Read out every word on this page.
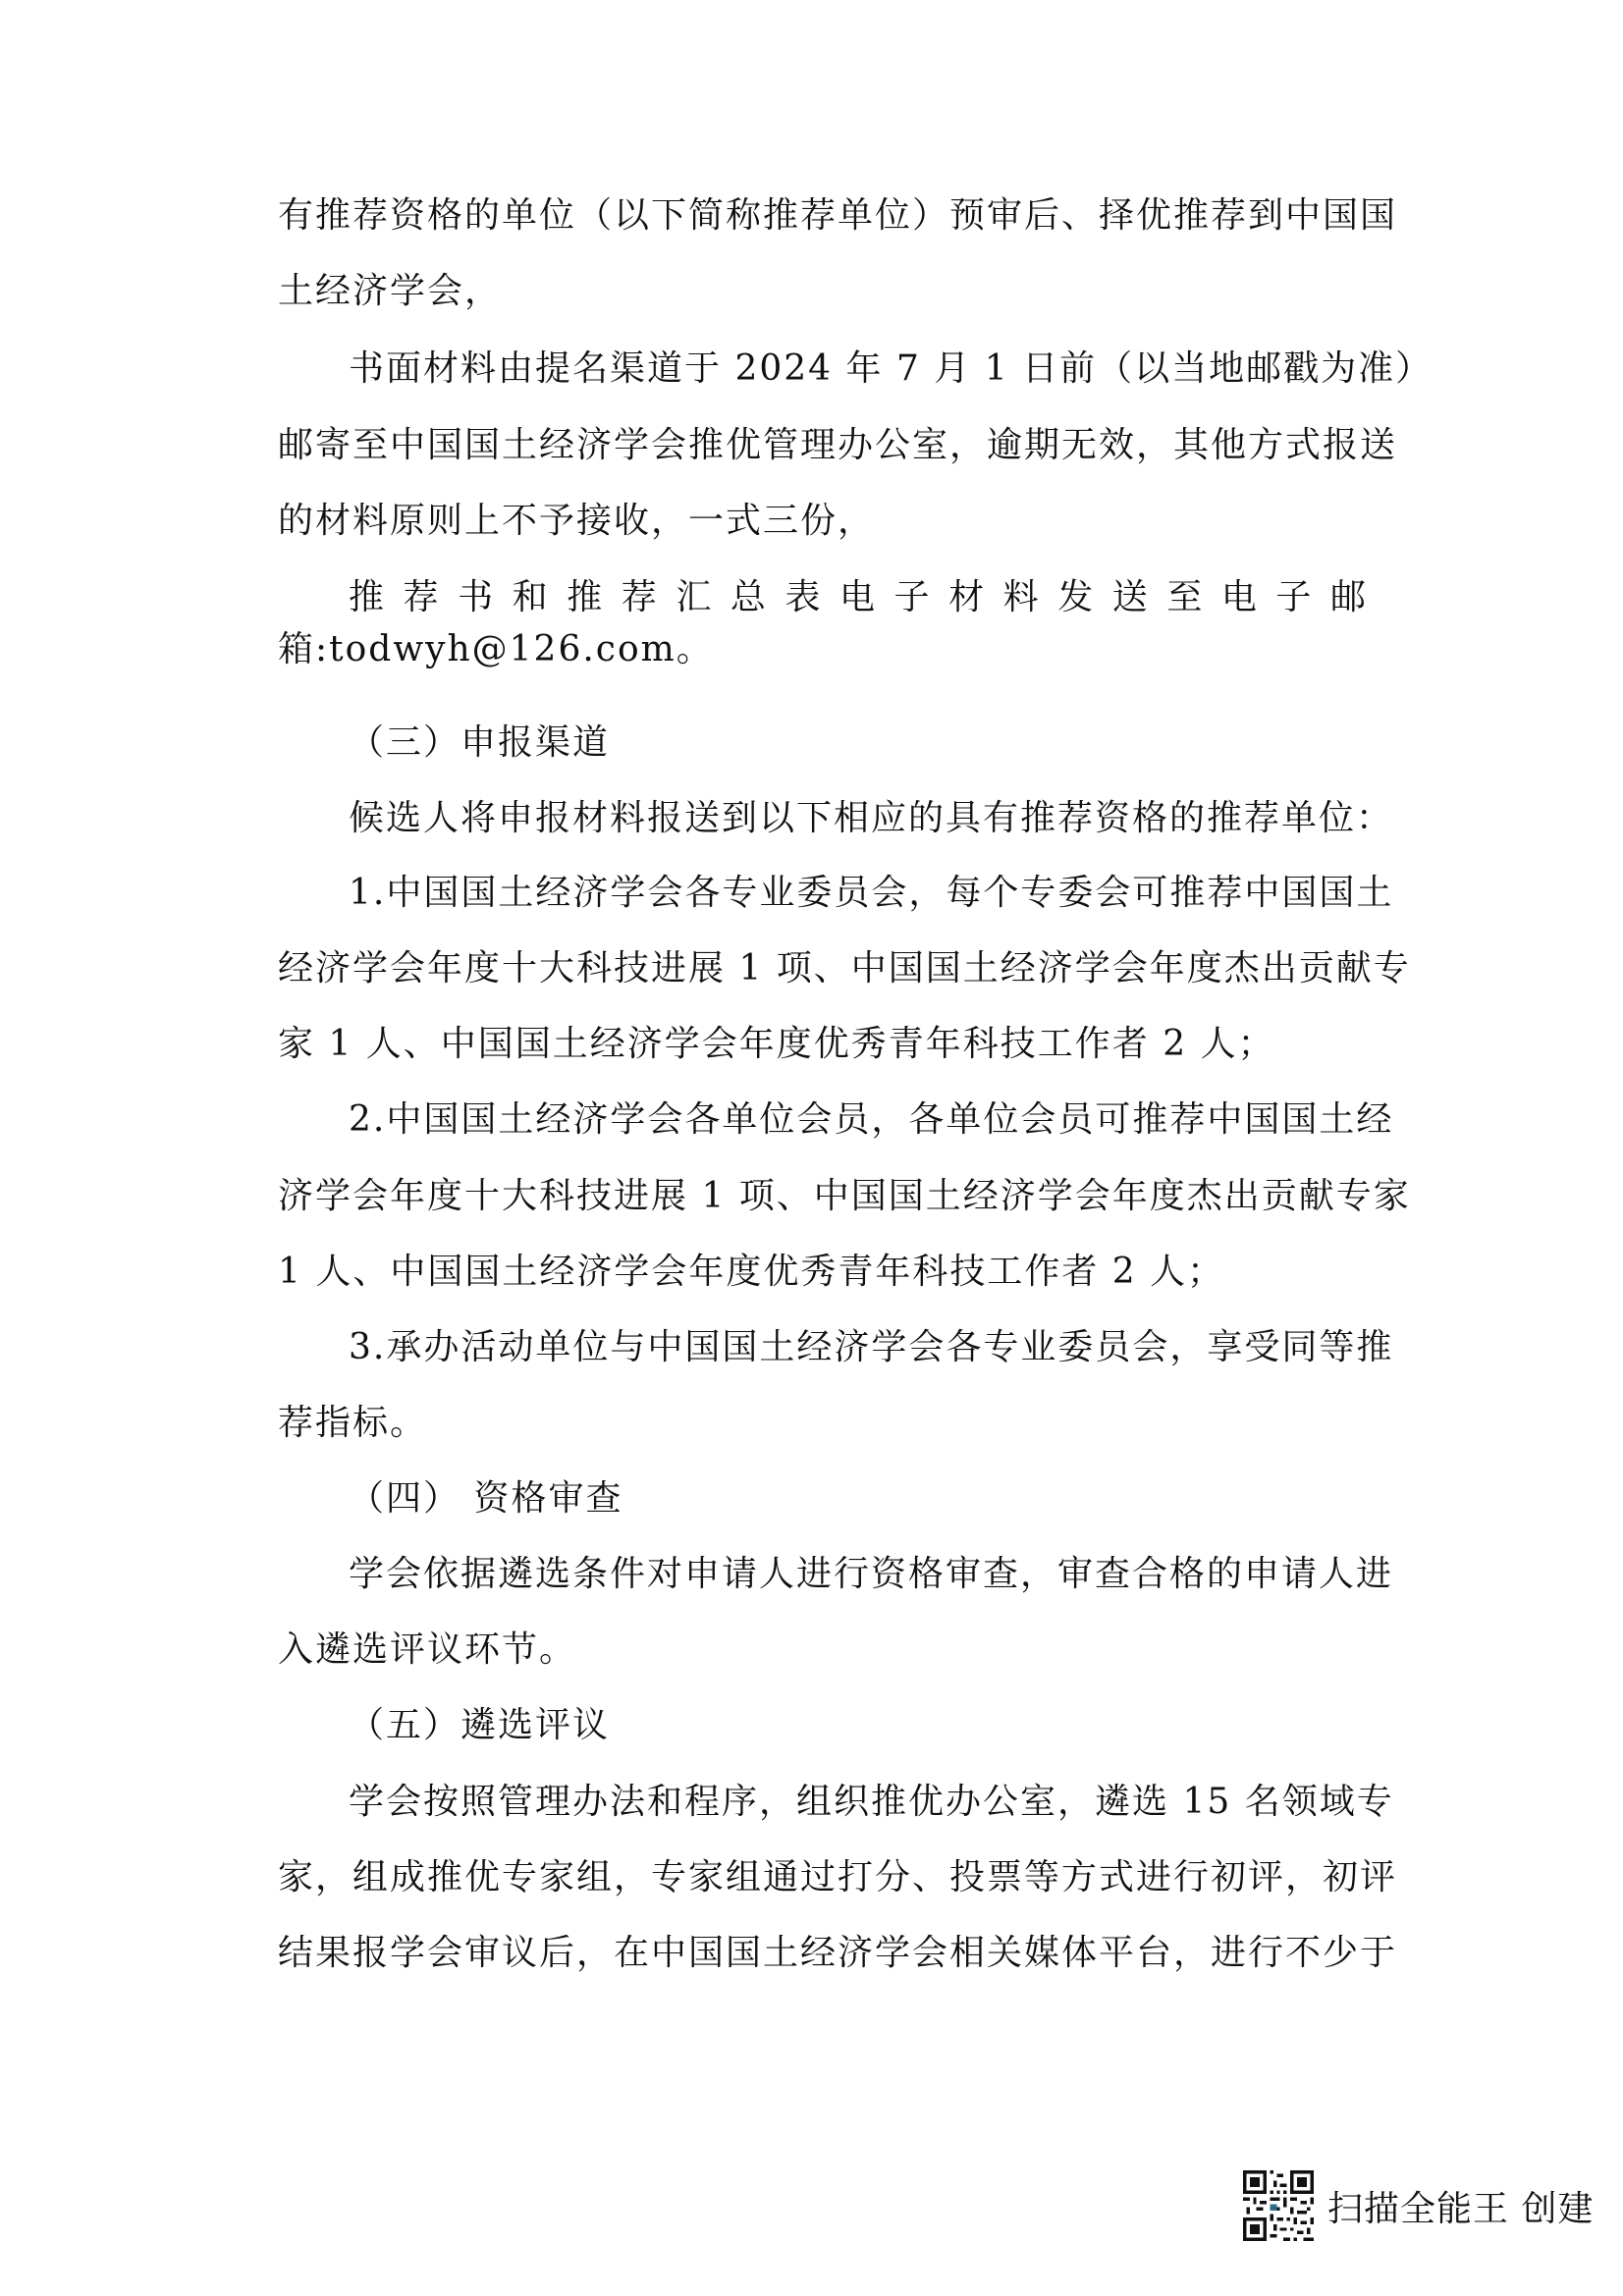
有推荐资格的单位（以下简称推荐单位）预审后、择优推荐到中国国
土经济学会，
书面材料由提名渠道于 2024 年 7 月 1 日前（以当地邮戳为准）
邮寄至中国国土经济学会推优管理办公室，逾期无效，其他方式报送
的材料原则上不予接收，一式三份，
推荐书和推荐汇总表电子材料发送至电子邮
箱:todwyh@126.com。
（三）申报渠道
候选人将申报材料报送到以下相应的具有推荐资格的推荐单位：
1.中国国土经济学会各专业委员会，每个专委会可推荐中国国土
经济学会年度十大科技进展 1 项、中国国土经济学会年度杰出贡献专
家 1 人、中国国土经济学会年度优秀青年科技工作者 2 人；
2.中国国土经济学会各单位会员，各单位会员可推荐中国国土经
济学会年度十大科技进展 1 项、中国国土经济学会年度杰出贡献专家
1 人、中国国土经济学会年度优秀青年科技工作者 2 人；
3.承办活动单位与中国国土经济学会各专业委员会，享受同等推
荐指标。
（四） 资格审查
学会依据遴选条件对申请人进行资格审查，审查合格的申请人进
入遴选评议环节。
（五）遴选评议
学会按照管理办法和程序，组织推优办公室，遴选 15 名领域专
家，组成推优专家组，专家组通过打分、投票等方式进行初评，初评
结果报学会审议后，在中国国土经济学会相关媒体平台，进行不少于
扫描全能王 创建
